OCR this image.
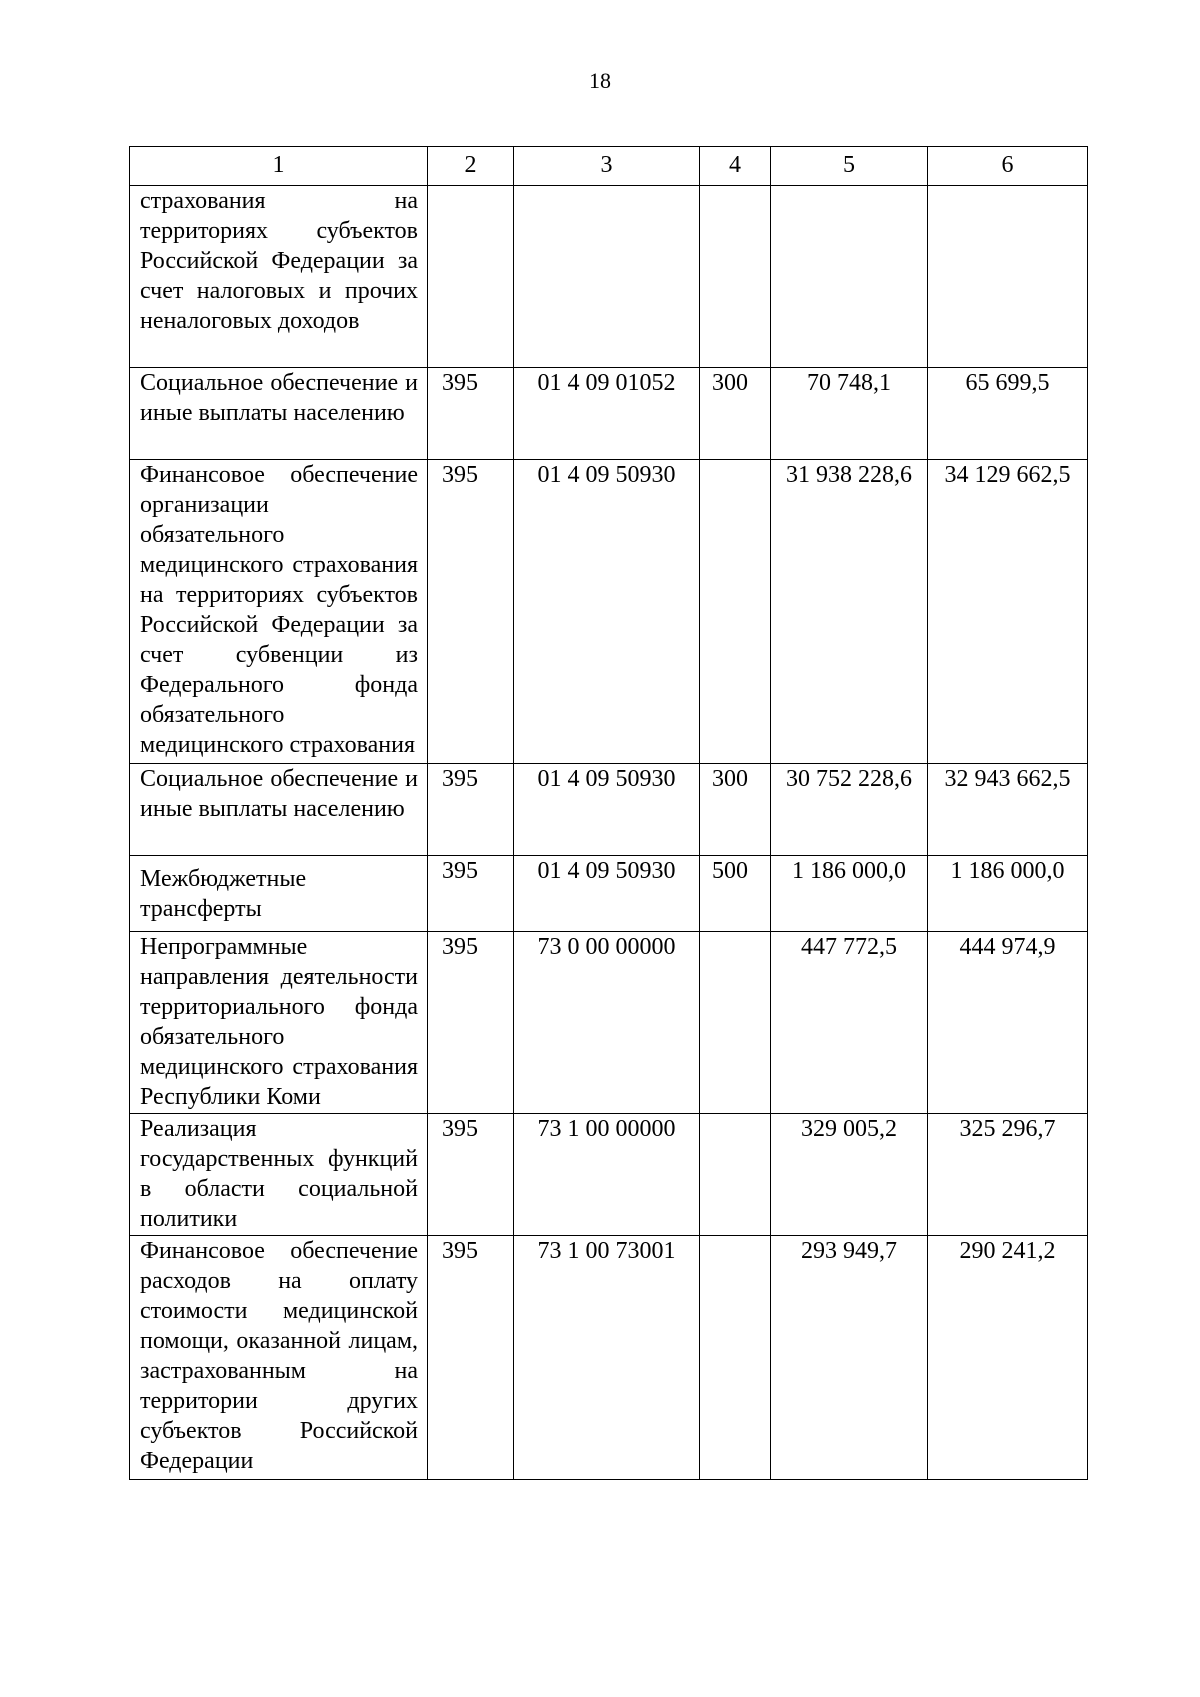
18
1	2	3	4	5	6
страхования на территориях субъектов Российской Федерации за счет налоговых и прочих неналоговых доходов					
Социальное обеспечение и иные выплаты населению	395	01 4 09 01052	300	70 748,1	65 699,5
Финансовое обеспечение организации обязательного медицинского страхования на территориях субъектов Российской Федерации за счет субвенции из Федерального фонда обязательного медицинского страхования	395	01 4 09 50930		31 938 228,6	34 129 662,5
Социальное обеспечение и иные выплаты населению	395	01 4 09 50930	300	30 752 228,6	32 943 662,5
Межбюджетные трансферты	395	01 4 09 50930	500	1 186 000,0	1 186 000,0
Непрограммные направления деятельности территориального фонда обязательного медицинского страхования Республики Коми	395	73 0 00 00000		447 772,5	444 974,9
Реализация государственных функций в области социальной политики	395	73 1 00 00000		329 005,2	325 296,7
Финансовое обеспечение расходов на оплату стоимости медицинской помощи, оказанной лицам, застрахованным на территории других субъектов Российской Федерации	395	73 1 00 73001		293 949,7	290 241,2
